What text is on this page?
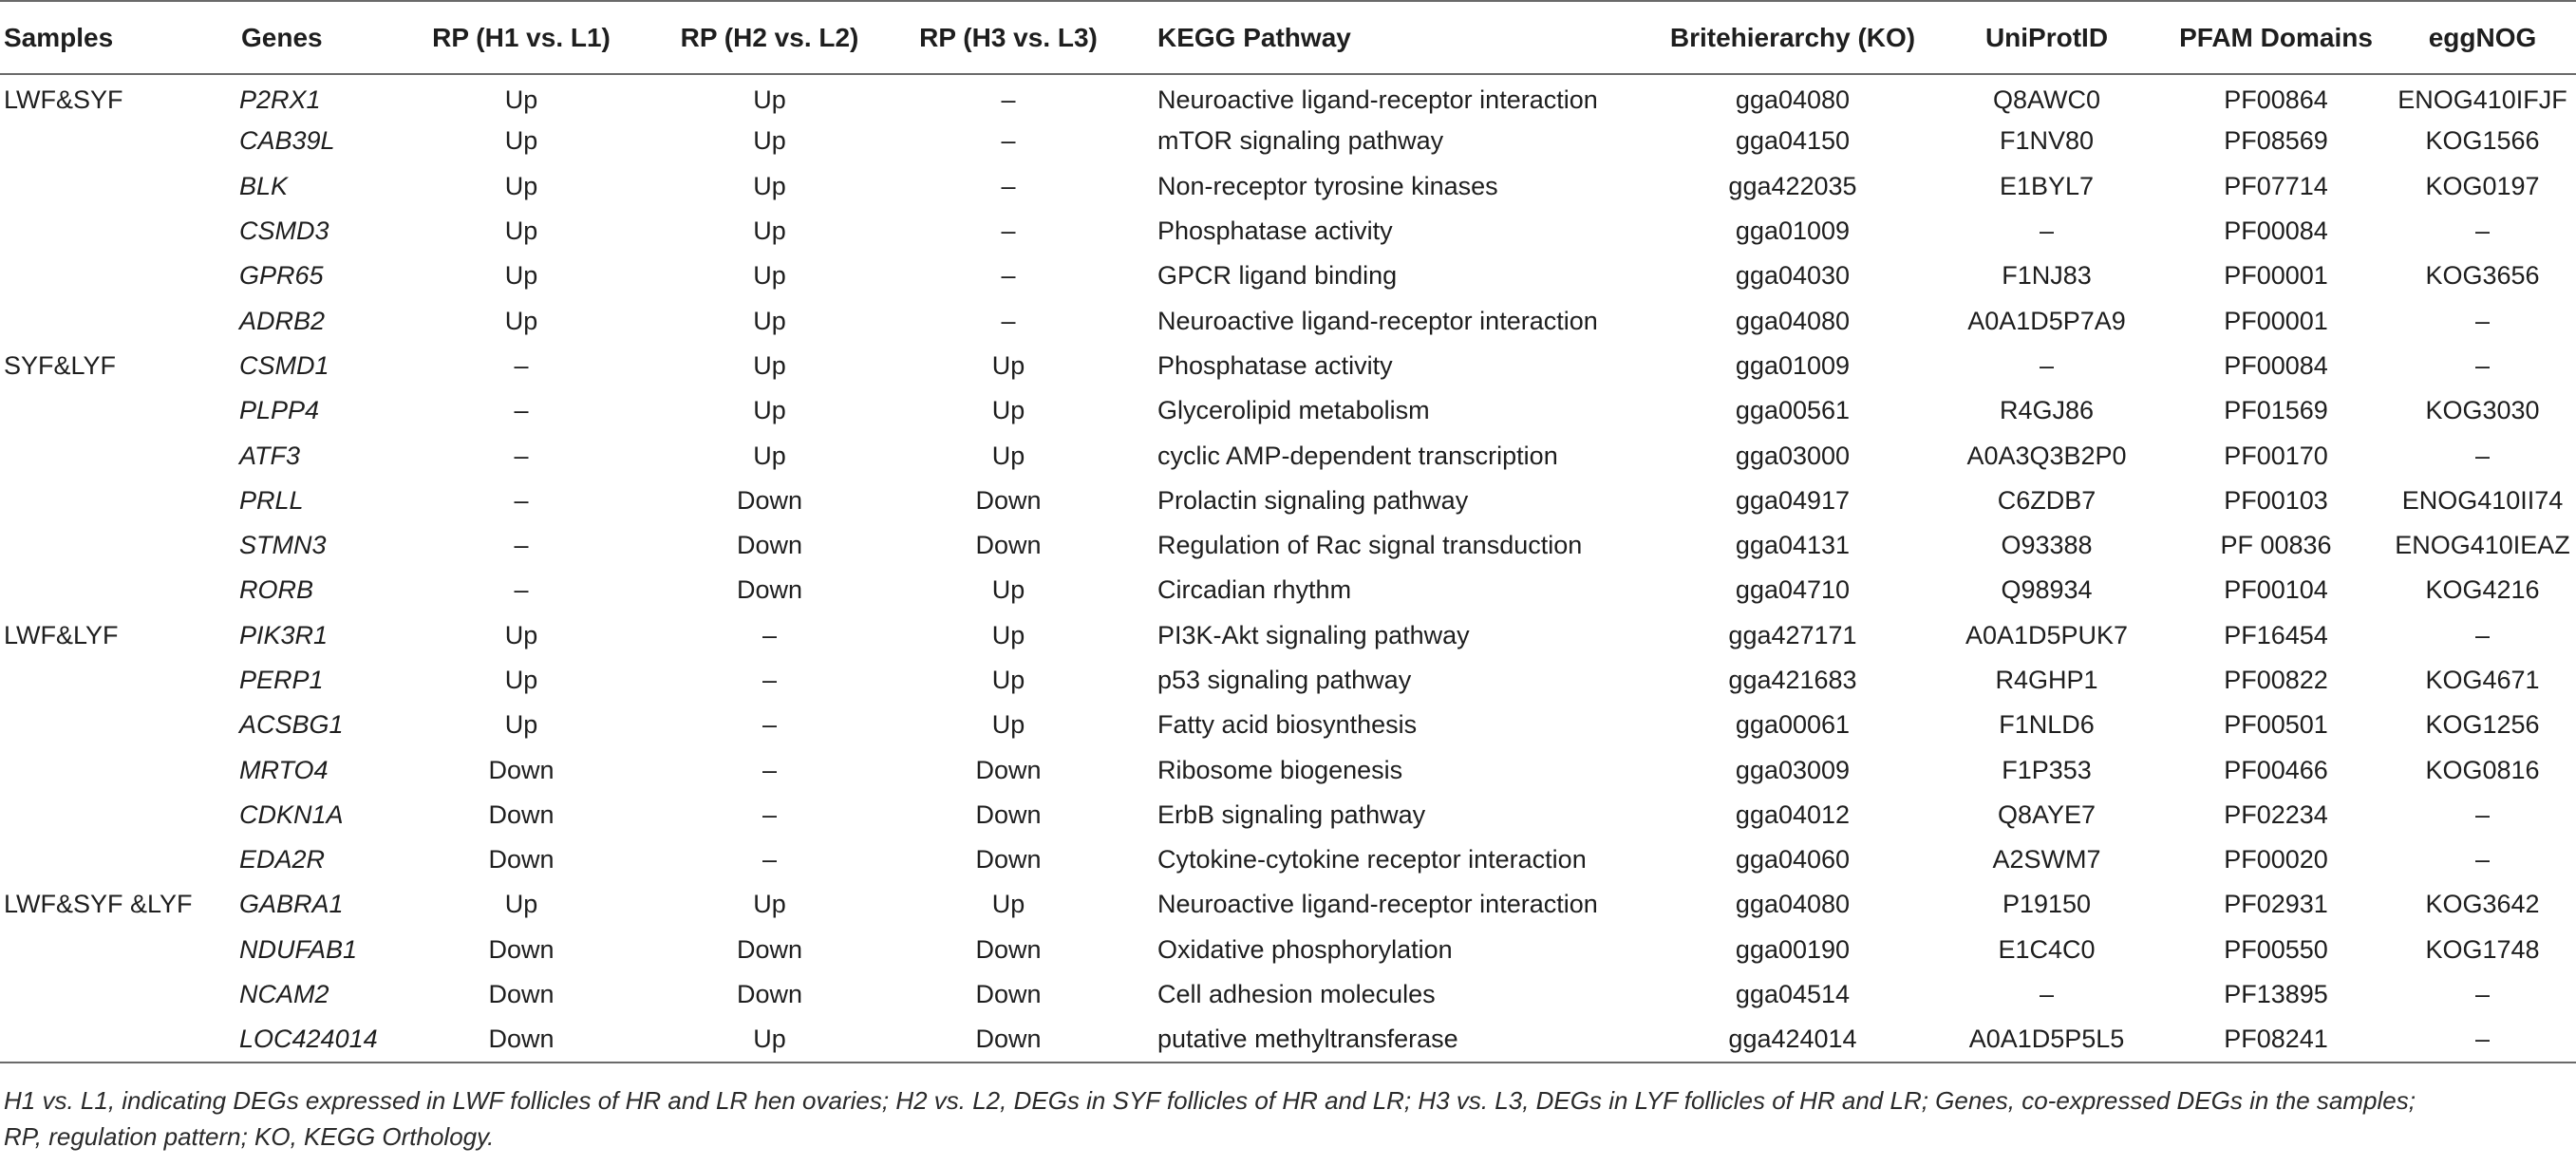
Samples	Genes	RP (H1 vs. L1)	RP (H2 vs. L2)	RP (H3 vs. L3)	KEGG Pathway	Britehierarchy (KO)	UniProtID	PFAM Domains	eggNOG
LWF&SYF	P2RX1	Up	Up	–	Neuroactive ligand-receptor interaction	gga04080	Q8AWC0	PF00864	ENOG410IFJF
	CAB39L	Up	Up	–	mTOR signaling pathway	gga04150	F1NV80	PF08569	KOG1566
	BLK	Up	Up	–	Non-receptor tyrosine kinases	gga422035	E1BYL7	PF07714	KOG0197
	CSMD3	Up	Up	–	Phosphatase activity	gga01009	–	PF00084	–
	GPR65	Up	Up	–	GPCR ligand binding	gga04030	F1NJ83	PF00001	KOG3656
	ADRB2	Up	Up	–	Neuroactive ligand-receptor interaction	gga04080	A0A1D5P7A9	PF00001	–
SYF&LYF	CSMD1	–	Up	Up	Phosphatase activity	gga01009	–	PF00084	–
	PLPP4	–	Up	Up	Glycerolipid metabolism	gga00561	R4GJ86	PF01569	KOG3030
	ATF3	–	Up	Up	cyclic AMP-dependent transcription	gga03000	A0A3Q3B2P0	PF00170	–
	PRLL	–	Down	Down	Prolactin signaling pathway	gga04917	C6ZDB7	PF00103	ENOG410II74
	STMN3	–	Down	Down	Regulation of Rac signal transduction	gga04131	O93388	PF 00836	ENOG410IEAZ
	RORB	–	Down	Up	Circadian rhythm	gga04710	Q98934	PF00104	KOG4216
LWF&LYF	PIK3R1	Up	–	Up	PI3K-Akt signaling pathway	gga427171	A0A1D5PUK7	PF16454	–
	PERP1	Up	–	Up	p53 signaling pathway	gga421683	R4GHP1	PF00822	KOG4671
	ACSBG1	Up	–	Up	Fatty acid biosynthesis	gga00061	F1NLD6	PF00501	KOG1256
	MRTO4	Down	–	Down	Ribosome biogenesis	gga03009	F1P353	PF00466	KOG0816
	CDKN1A	Down	–	Down	ErbB signaling pathway	gga04012	Q8AYE7	PF02234	–
	EDA2R	Down	–	Down	Cytokine-cytokine receptor interaction	gga04060	A2SWM7	PF00020	–
LWF&SYF &LYF	GABRA1	Up	Up	Up	Neuroactive ligand-receptor interaction	gga04080	P19150	PF02931	KOG3642
	NDUFAB1	Down	Down	Down	Oxidative phosphorylation	gga00190	E1C4C0	PF00550	KOG1748
	NCAM2	Down	Down	Down	Cell adhesion molecules	gga04514	–	PF13895	–
	LOC424014	Down	Up	Down	putative methyltransferase	gga424014	A0A1D5P5L5	PF08241	–
H1 vs. L1, indicating DEGs expressed in LWF follicles of HR and LR hen ovaries; H2 vs. L2, DEGs in SYF follicles of HR and LR; H3 vs. L3, DEGs in LYF follicles of HR and LR; Genes, co-expressed DEGs in the samples;
RP, regulation pattern; KO, KEGG Orthology.
